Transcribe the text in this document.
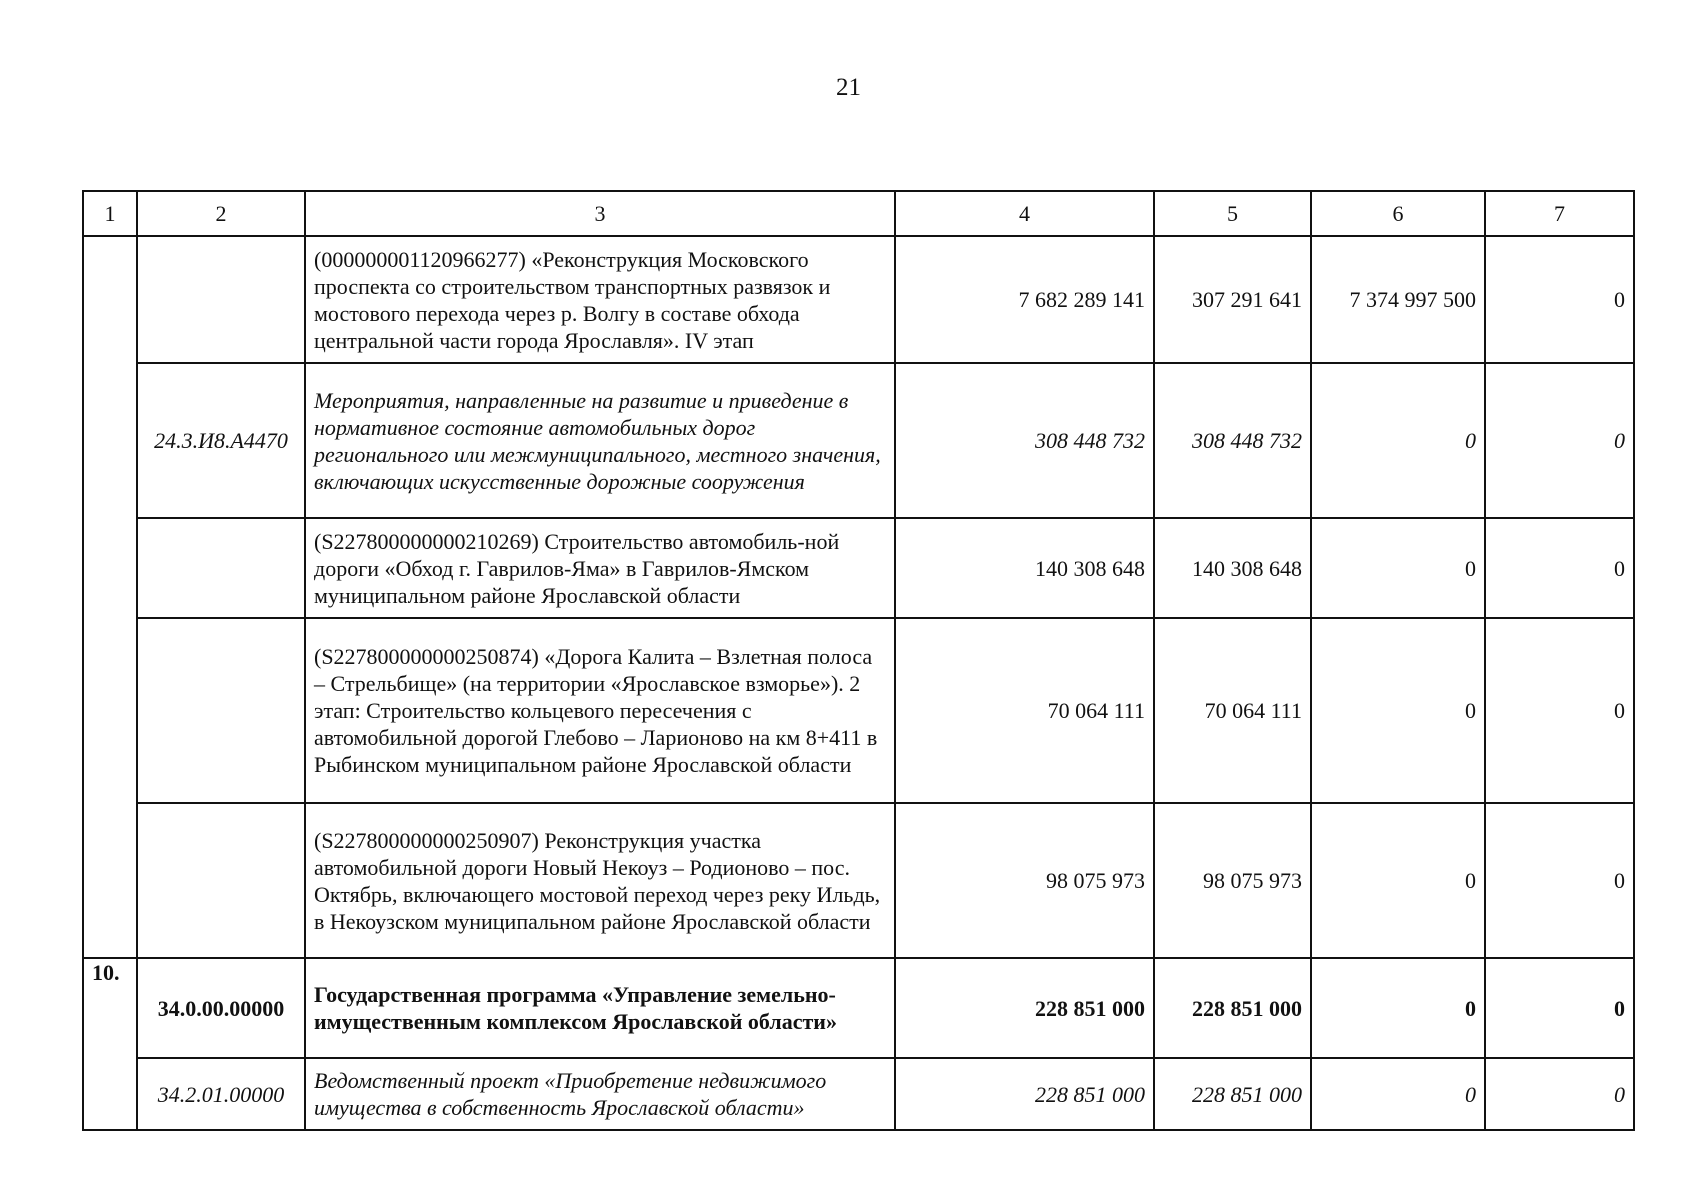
21
1	2	3	4	5	6	7
		(000000001120966277) «Реконструкция Московского проспекта со строительством транспортных развязок и мостового перехода через р. Волгу в составе обхода центральной части города Ярославля». IV этап	7 682 289 141	307 291 641	7 374 997 500	0
	24.3.И8.А4470	Мероприятия, направленные на развитие и приведение в нормативное состояние автомобильных дорог регионального или межмуниципального, местного значения, включающих искусственные дорожные сооружения	308 448 732	308 448 732	0	0
		(S227800000000210269) Строительство автомобиль-ной дороги «Обход г. Гаврилов-Яма» в Гаврилов-Ямском муниципальном районе Ярославской области	140 308 648	140 308 648	0	0
		(S227800000000250874) «Дорога Калита – Взлетная полоса – Стрельбище» (на территории «Ярославское взморье»). 2 этап: Строительство кольцевого пересечения с автомобильной дорогой Глебово – Ларионово на км 8+411 в Рыбинском муниципальном районе Ярославской области	70 064 111	70 064 111	0	0
		(S227800000000250907) Реконструкция участка автомобильной дороги Новый Некоуз – Родионово – пос. Октябрь, включающего мостовой переход через реку Ильдь, в Некоузском муниципальном районе Ярославской области	98 075 973	98 075 973	0	0
10.	34.0.00.00000	Государственная программа «Управление земельно-имущественным комплексом Ярославской области»	228 851 000	228 851 000	0	0
	34.2.01.00000	Ведомственный проект «Приобретение недвижимого имущества в собственность Ярославской области»	228 851 000	228 851 000	0	0
